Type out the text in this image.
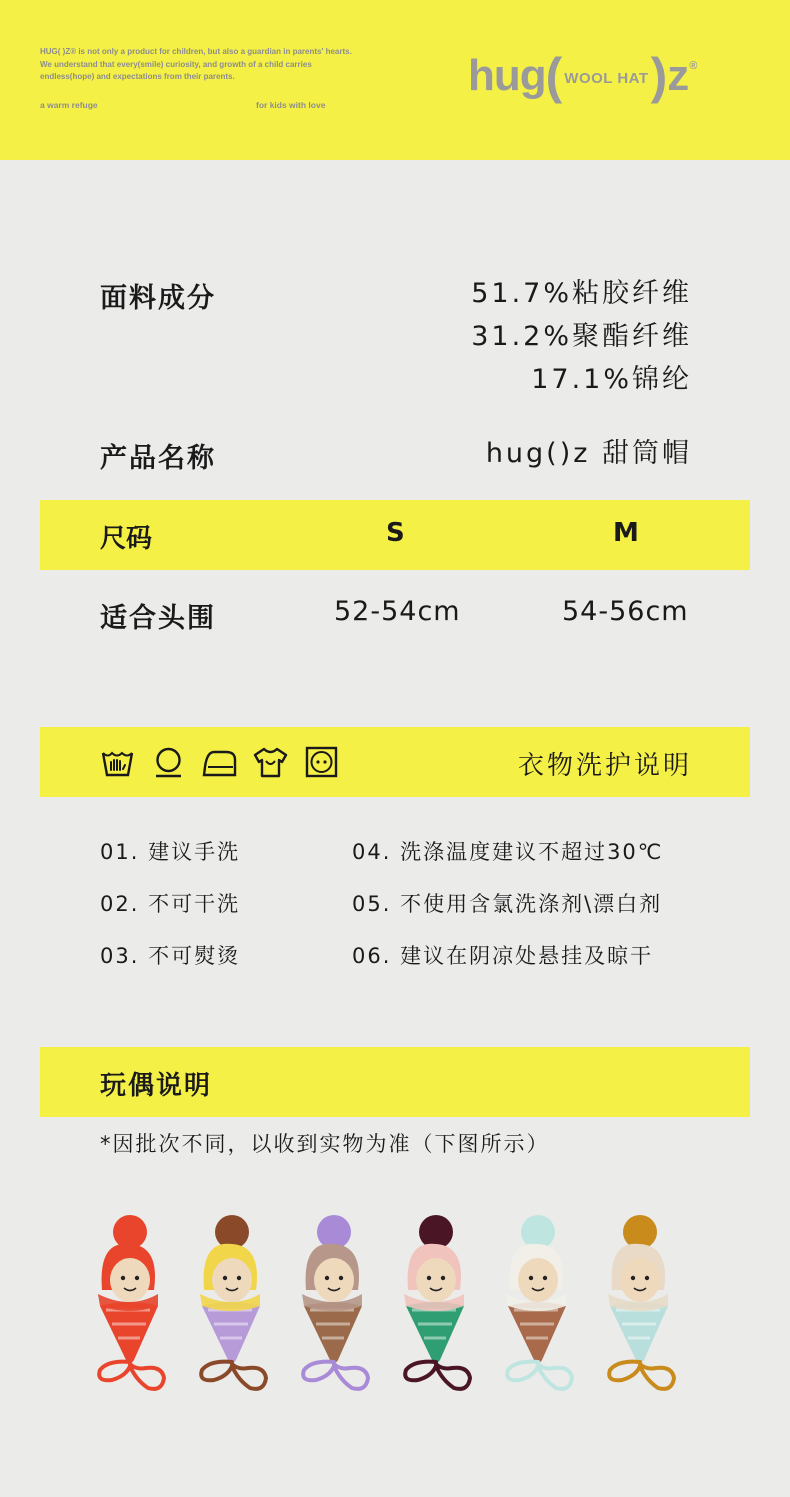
HUG( )Z® is not only a product for children, but also a guardian in parents' hearts. We understand that every(smile) curiosity, and growth of a child carries endless(hope) and expectations from their parents.
a warm refuge	for kids with love
hug ( WOOL HAT ) z ®
面料成分	51.7%粘胶纤维
31.2%聚酯纤维
17.1%锦纶
产品名称	hug()z 甜筒帽
尺码	S	M
适合头围	52-54cm	54-56cm
衣物洗护说明
01. 建议手洗
02. 不可干洗
03. 不可熨烫
04. 洗涤温度建议不超过30℃
05. 不使用含氯洗涤剂\漂白剂
06. 建议在阴凉处悬挂及晾干
玩偶说明
*因批次不同，以收到实物为准（下图所示）
